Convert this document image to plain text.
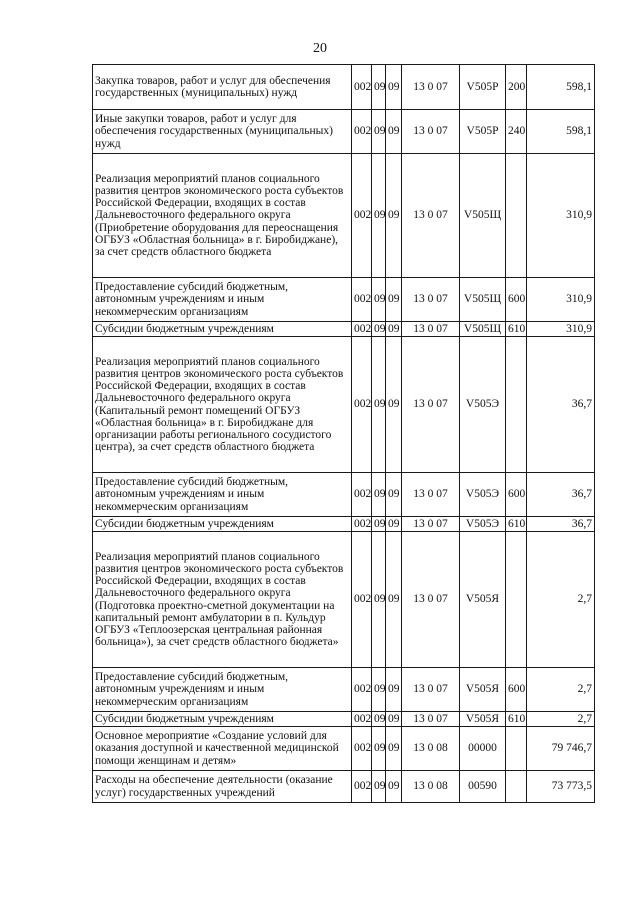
20
Закупка товаров, работ и услуг для обеспечения государственных (муниципальных) нужд	002	09	09	13 0 07	V505P	200	598,1
Иные закупки товаров, работ и услуг для обеспечения государственных (муниципальных) нужд	002	09	09	13 0 07	V505P	240	598,1
Реализация мероприятий планов социального развития центров экономического роста субъектов Российской Федерации, входящих в состав Дальневосточного федерального округа (Приобретение оборудования для переоснащения ОГБУЗ «Областная больница» в г. Биробиджане), за счет средств областного бюджета	002	09	09	13 0 07	V505Щ		310,9
Предоставление субсидий бюджетным, автономным учреждениям и иным некоммерческим организациям	002	09	09	13 0 07	V505Щ	600	310,9
Субсидии бюджетным учреждениям	002	09	09	13 0 07	V505Щ	610	310,9
Реализация мероприятий планов социального развития центров экономического роста субъектов Российской Федерации, входящих в состав Дальневосточного федерального округа (Капитальный ремонт помещений ОГБУЗ «Областная больница» в г. Биробиджане для организации работы регионального сосудистого центра), за счет средств областного бюджета	002	09	09	13 0 07	V505Э		36,7
Предоставление субсидий бюджетным, автономным учреждениям и иным некоммерческим организациям	002	09	09	13 0 07	V505Э	600	36,7
Субсидии бюджетным учреждениям	002	09	09	13 0 07	V505Э	610	36,7
Реализация мероприятий планов социального развития центров экономического роста субъектов Российской Федерации, входящих в состав Дальневосточного федерального округа (Подготовка проектно-сметной документации на капитальный ремонт амбулатории в п. Кульдур ОГБУЗ «Теплоозерская центральная районная больница»), за счет средств областного бюджета»	002	09	09	13 0 07	V505Я		2,7
Предоставление субсидий бюджетным, автономным учреждениям и иным некоммерческим организациям	002	09	09	13 0 07	V505Я	600	2,7
Субсидии бюджетным учреждениям	002	09	09	13 0 07	V505Я	610	2,7
Основное мероприятие «Создание условий для оказания доступной и качественной медицинской помощи женщинам и детям»	002	09	09	13 0 08	00000		79 746,7
Расходы на обеспечение деятельности (оказание услуг) государственных учреждений	002	09	09	13 0 08	00590		73 773,5
